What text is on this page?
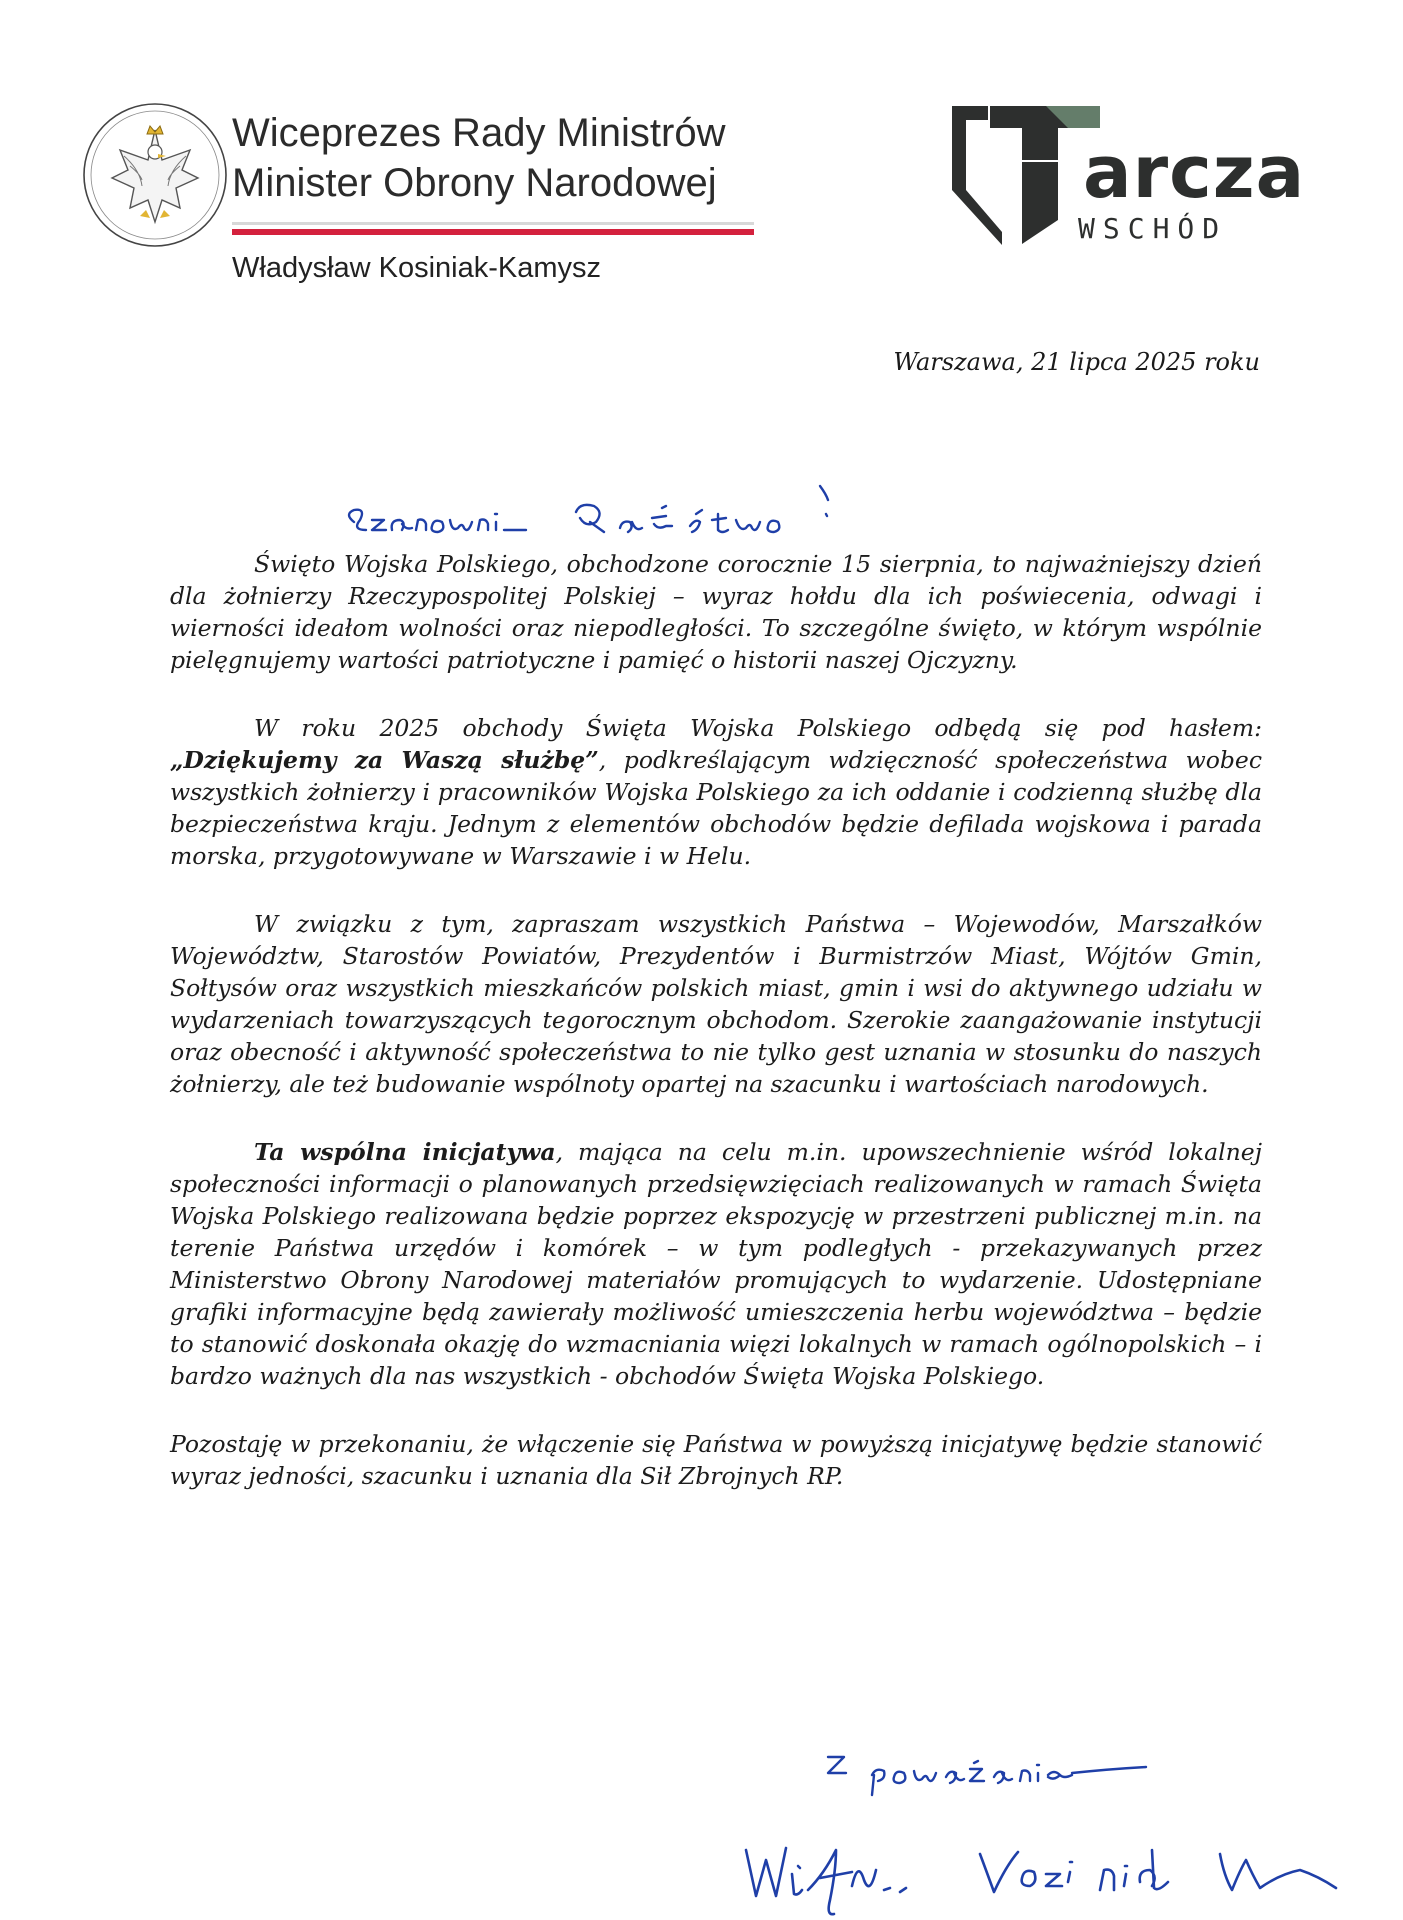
Wiceprezes Rady Ministrów
Minister Obrony Narodowej
Władysław Kosiniak-Kamysz
arcza
WSCHÓD
Warszawa, 21 lipca 2025 roku

Święto Wojska Polskiego, obchodzone corocznie 15 sierpnia, to najważniejszy dzień dla żołnierzy Rzeczypospolitej Polskiej – wyraz hołdu dla ich poświecenia, odwagi i wierności ideałom wolności oraz niepodległości. To szczególne święto, w którym wspólnie pielęgnujemy wartości patriotyczne i pamięć o historii naszej Ojczyzny.

W roku 2025 obchody Święta Wojska Polskiego odbędą się pod hasłem: „Dziękujemy za Waszą służbę”, podkreślającym wdzięczność społeczeństwa wobec wszystkich żołnierzy i pracowników Wojska Polskiego za ich oddanie i codzienną służbę dla bezpieczeństwa kraju. Jednym z elementów obchodów będzie defilada wojskowa i parada morska, przygotowywane w Warszawie i w Helu.

W związku z tym, zapraszam wszystkich Państwa – Wojewodów, Marszałków Województw, Starostów Powiatów, Prezydentów i Burmistrzów Miast, Wójtów Gmin, Sołtysów oraz wszystkich mieszkańców polskich miast, gmin i wsi do aktywnego udziału w wydarzeniach towarzyszących tegorocznym obchodom. Szerokie zaangażowanie instytucji oraz obecność i aktywność społeczeństwa to nie tylko gest uznania w stosunku do naszych żołnierzy, ale też budowanie wspólnoty opartej na szacunku i wartościach narodowych.

Ta wspólna inicjatywa, mająca na celu m.in. upowszechnienie wśród lokalnej społeczności informacji o planowanych przedsięwzięciach realizowanych w ramach Święta Wojska Polskiego realizowana będzie poprzez ekspozycję w przestrzeni publicznej m.in. na terenie Państwa urzędów i komórek – w tym podległych - przekazywanych przez Ministerstwo Obrony Narodowej materiałów promujących to wydarzenie. Udostępniane grafiki informacyjne będą zawierały możliwość umieszczenia herbu województwa – będzie to stanowić doskonała okazję do wzmacniania więzi lokalnych w ramach ogólnopolskich – i bardzo ważnych dla nas wszystkich - obchodów Święta Wojska Polskiego.

Pozostaję w przekonaniu, że włączenie się Państwa w powyższą inicjatywę będzie stanowić wyraz jedności, szacunku i uznania dla Sił Zbrojnych RP.
